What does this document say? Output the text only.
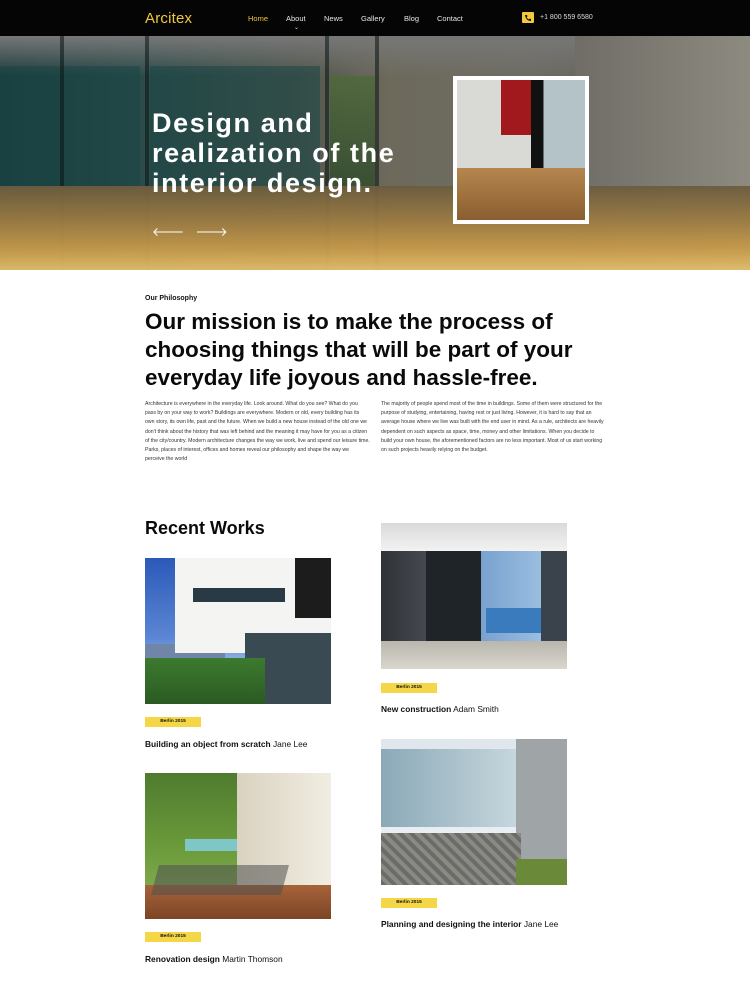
Arcitex	Home About
⌄
News Gallery	Blog Contact	+1 800 559 6580
Design and realization of the interior design.
🡐 🡒
Our Philosophy
Our mission is to make the process of choosing things that will be part of your everyday life joyous and hassle-free.

Architecture is everywhere in the everyday life. Look around. What do you see? What do you pass by on your way to work? Buildings are everywhere. Modern or old, every building has its own story, its own life, past and the future. When we build a new house instead of the old one we don't think about the history that was left behind and the meaning it may have for you as a citizen of the city/country. Modern architecture changes the way we work, live and spend our leisure time. Parks, places of interest, offices and homes reveal our philosophy and shape the way we perceive the world

The majority of people spend most of the time in buildings. Some of them were structured for the purpose of studying, entertaining, having rest or just living. However, it is hard to say that an average house where we live was built with the end user in mind. As a rule, architects are heavily dependent on such aspects as space, time, money and other limitations. When you decide to build your own house, the aforementioned factors are no less important. Most of us start working on such projects heavily relying on the budget.

Recent Works
Berlin 2015
Building an object from scratch Jane Lee
Berlin 2015
New construction Adam Smith
Berlin 2015
Renovation design Martin Thomson
Berlin 2015
Planning and designing the interior Jane Lee
